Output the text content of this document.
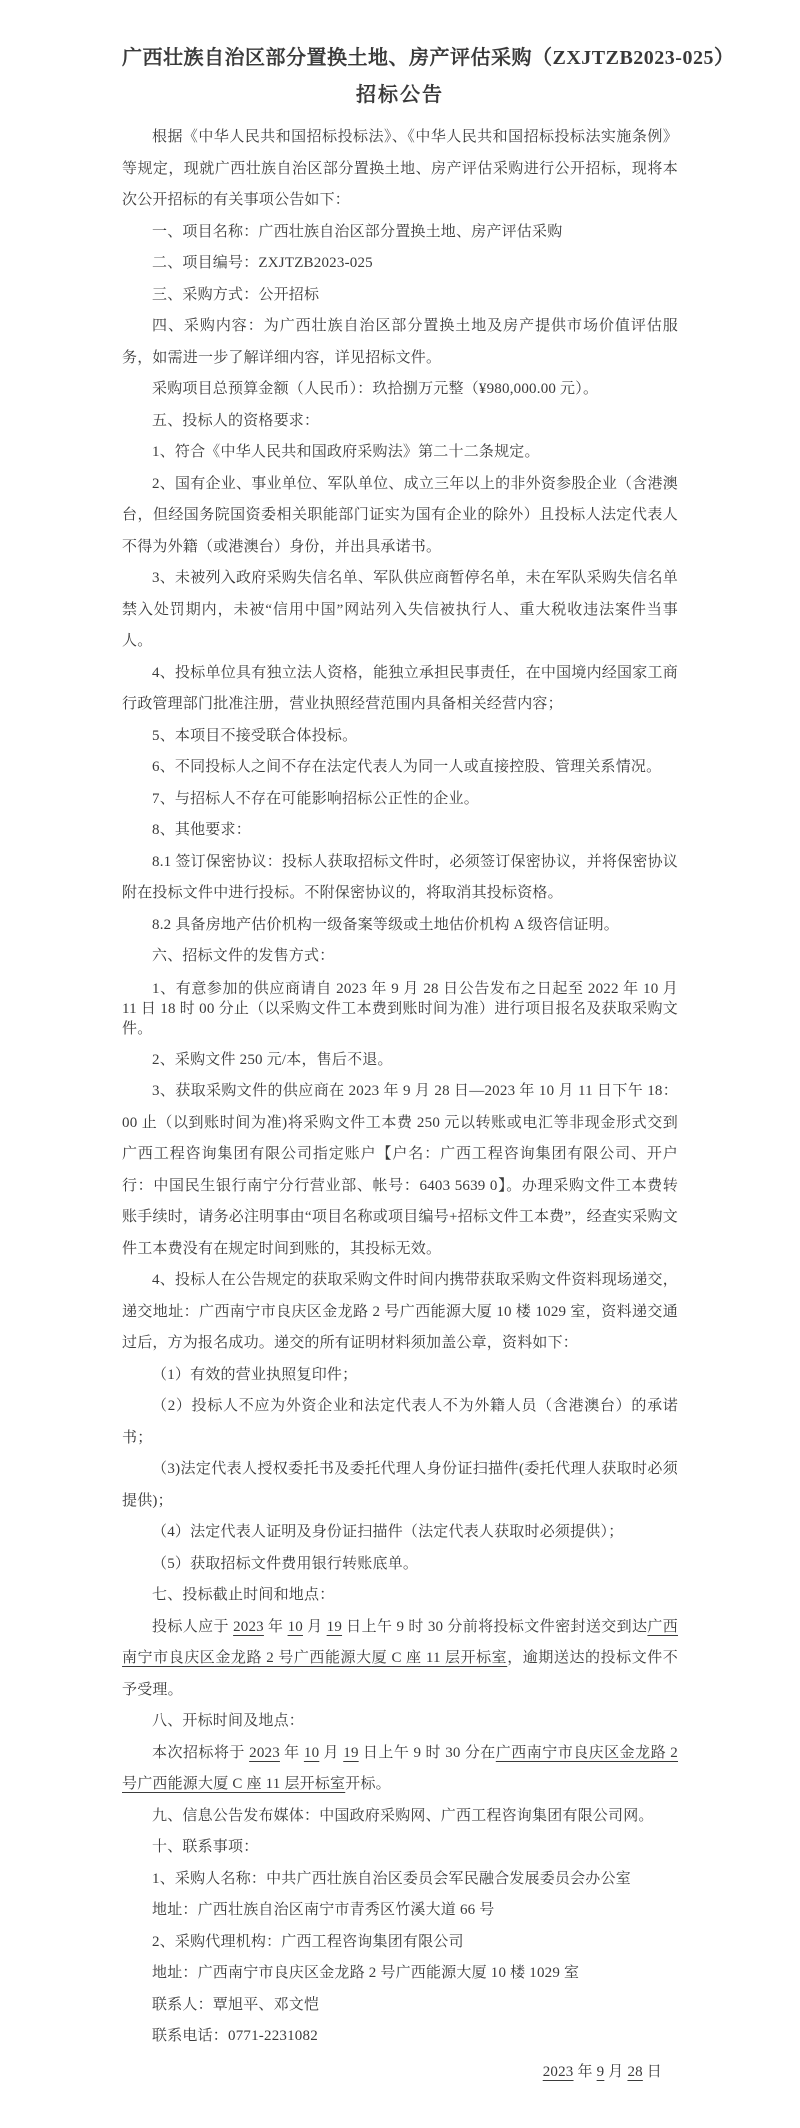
广西壮族自治区部分置换土地、房产评估采购（ZXJTZB2023-025）
招标公告

根据《中华人民共和国招标投标法》、《中华人民共和国招标投标法实施条例》等规定，现就广西壮族自治区部分置换土地、房产评估采购进行公开招标，现将本次公开招标的有关事项公告如下：

一、项目名称：广西壮族自治区部分置换土地、房产评估采购

二、项目编号：ZXJTZB2023-025

三、采购方式：公开招标

四、采购内容：为广西壮族自治区部分置换土地及房产提供市场价值评估服务，如需进一步了解详细内容，详见招标文件。

采购项目总预算金额（人民币）：玖拾捌万元整（¥980,000.00 元）。

五、投标人的资格要求：

1、符合《中华人民共和国政府采购法》第二十二条规定。

2、国有企业、事业单位、军队单位、成立三年以上的非外资参股企业（含港澳台，但经国务院国资委相关职能部门证实为国有企业的除外）且投标人法定代表人不得为外籍（或港澳台）身份，并出具承诺书。

3、未被列入政府采购失信名单、军队供应商暂停名单，未在军队采购失信名单禁入处罚期内，未被“信用中国”网站列入失信被执行人、重大税收违法案件当事人。

4、投标单位具有独立法人资格，能独立承担民事责任，在中国境内经国家工商行政管理部门批准注册，营业执照经营范围内具备相关经营内容；

5、本项目不接受联合体投标。

6、不同投标人之间不存在法定代表人为同一人或直接控股、管理关系情况。

7、与招标人不存在可能影响招标公正性的企业。

8、其他要求：

8.1 签订保密协议：投标人获取招标文件时，必须签订保密协议，并将保密协议附在投标文件中进行投标。不附保密协议的，将取消其投标资格。

8.2 具备房地产估价机构一级备案等级或土地估价机构 A 级咨信证明。

六、招标文件的发售方式：

1、有意参加的供应商请自 2023 年 9 月 28 日公告发布之日起至 2022 年 10 月 11 日 18 时 00 分止（以采购文件工本费到账时间为准）进行项目报名及获取采购文件。

2、采购文件 250 元/本，售后不退。

3、获取采购文件的供应商在 2023 年 9 月 28 日—2023 年 10 月 11 日下午 18：00 止（以到账时间为准)将采购文件工本费 250 元以转账或电汇等非现金形式交到广西工程咨询集团有限公司指定账户【户名：广西工程咨询集团有限公司、开户行：中国民生银行南宁分行营业部、帐号：6403 5639 0】。办理采购文件工本费转账手续时，请务必注明事由“项目名称或项目编号+招标文件工本费”，经查实采购文件工本费没有在规定时间到账的，其投标无效。

4、投标人在公告规定的获取采购文件时间内携带获取采购文件资料现场递交，递交地址：广西南宁市良庆区金龙路 2 号广西能源大厦 10 楼 1029 室，资料递交通过后，方为报名成功。递交的所有证明材料须加盖公章，资料如下：

（1）有效的营业执照复印件；

（2）投标人不应为外资企业和法定代表人不为外籍人员（含港澳台）的承诺书；

（3)法定代表人授权委托书及委托代理人身份证扫描件(委托代理人获取时必须提供)；

（4）法定代表人证明及身份证扫描件（法定代表人获取时必须提供）；

（5）获取招标文件费用银行转账底单。

七、投标截止时间和地点：

投标人应于 2023 年 10 月 19 日上午 9 时 30 分前将投标文件密封送交到达广西南宁市良庆区金龙路 2 号广西能源大厦 C 座 11 层开标室，逾期送达的投标文件不予受理。

八、开标时间及地点：

本次招标将于 2023 年 10 月 19 日上午 9 时 30 分在广西南宁市良庆区金龙路 2 号广西能源大厦 C 座 11 层开标室开标。

九、信息公告发布媒体：中国政府采购网、广西工程咨询集团有限公司网。

十、联系事项：

1、采购人名称：中共广西壮族自治区委员会军民融合发展委员会办公室

地址：广西壮族自治区南宁市青秀区竹溪大道 66 号

2、采购代理机构：广西工程咨询集团有限公司

地址：广西南宁市良庆区金龙路 2 号广西能源大厦 10 楼 1029 室

联系人：覃旭平、邓文恺

联系电话：0771-2231082

2023 年 9 月 28 日
